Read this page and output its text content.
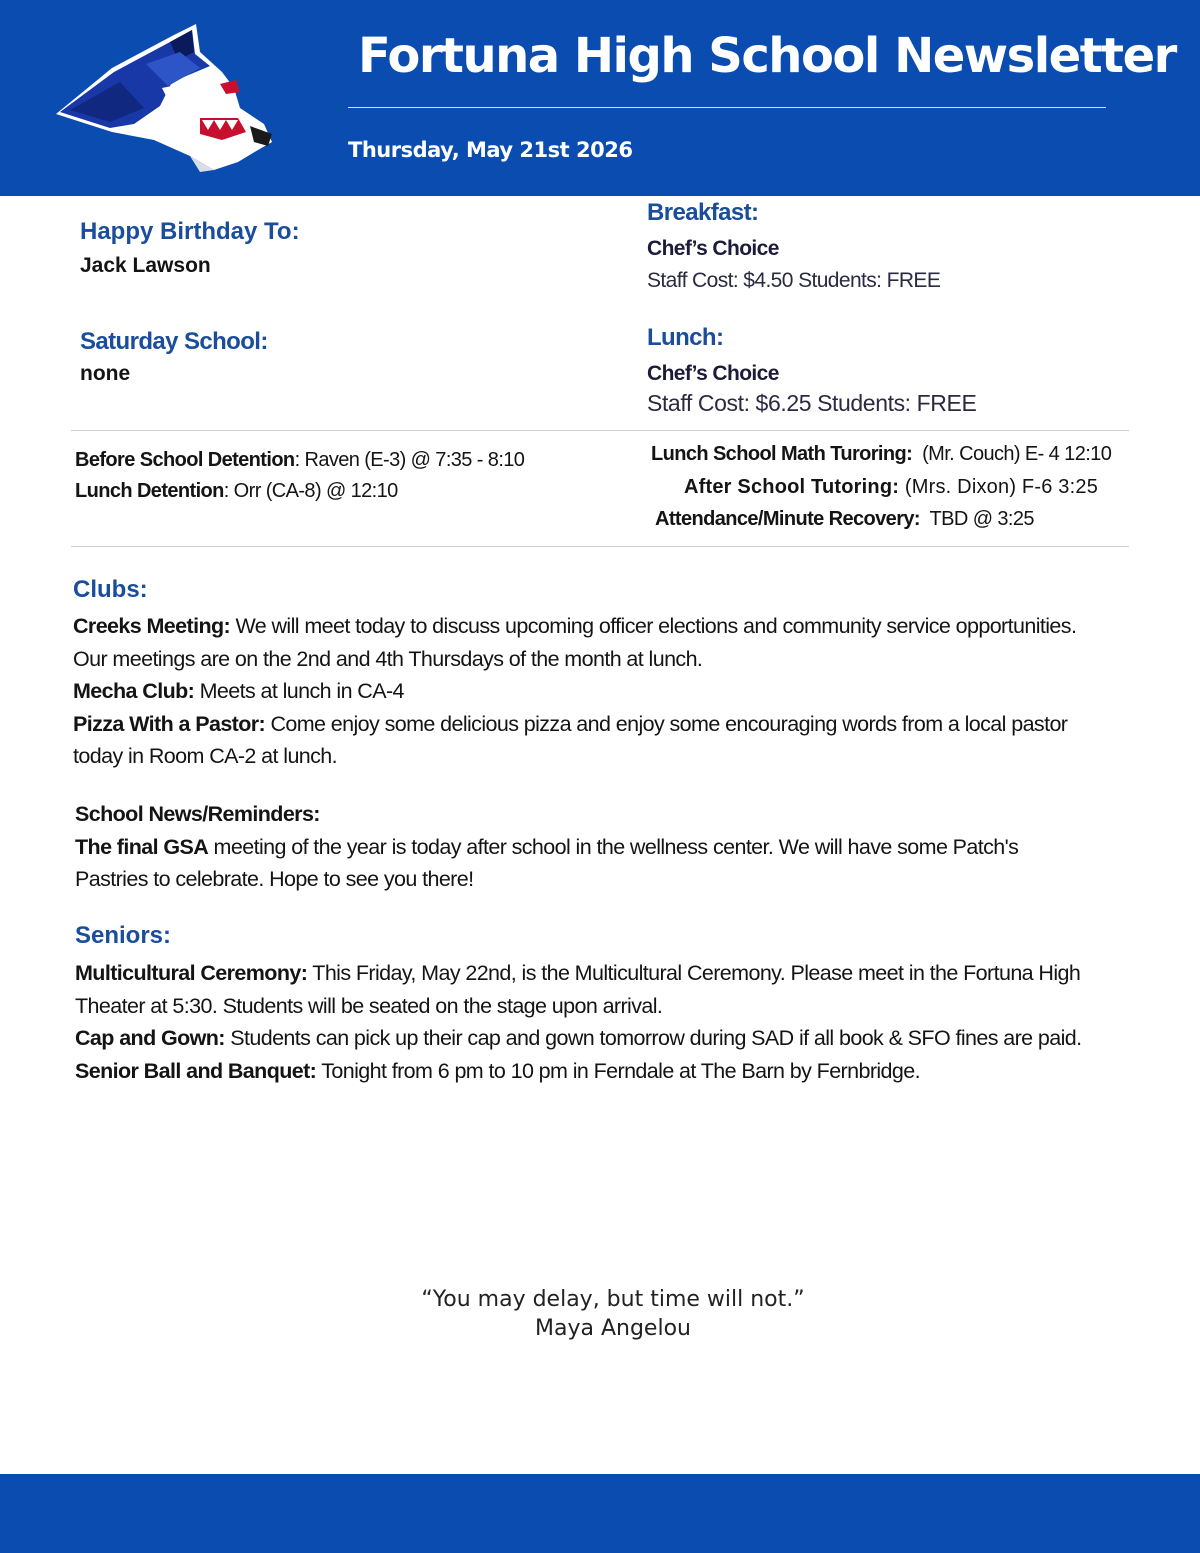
Fortuna High School Newsletter
Thursday, May 21st 2026
Happy Birthday To:
Jack Lawson
Saturday School:
none
Breakfast:
Chef’s Choice
Staff Cost: $4.50 Students: FREE
Lunch:
Chef’s Choice
Staff Cost: $6.25 Students: FREE
Before School Detention: Raven (E-3) @ 7:35 - 8:10
Lunch Detention: Orr (CA-8) @ 12:10
Lunch School Math Turoring: (Mr. Couch) E- 4 12:10
After School Tutoring: (Mrs. Dixon) F-6 3:25
Attendance/Minute Recovery: TBD @ 3:25
Clubs:
Creeks Meeting: We will meet today to discuss upcoming officer elections and community service opportunities.
Our meetings are on the 2nd and 4th Thursdays of the month at lunch.
Mecha Club: Meets at lunch in CA-4
Pizza With a Pastor: Come enjoy some delicious pizza and enjoy some encouraging words from a local pastor
today in Room CA-2 at lunch.
School News/Reminders:
The final GSA meeting of the year is today after school in the wellness center. We will have some Patch's
Pastries to celebrate. Hope to see you there!
Seniors:
Multicultural Ceremony: This Friday, May 22nd, is the Multicultural Ceremony. Please meet in the Fortuna High
Theater at 5:30. Students will be seated on the stage upon arrival.
Cap and Gown: Students can pick up their cap and gown tomorrow during SAD if all book & SFO fines are paid.
Senior Ball and Banquet: Tonight from 6 pm to 10 pm in Ferndale at The Barn by Fernbridge.
“You may delay, but time will not.”
Maya Angelou
